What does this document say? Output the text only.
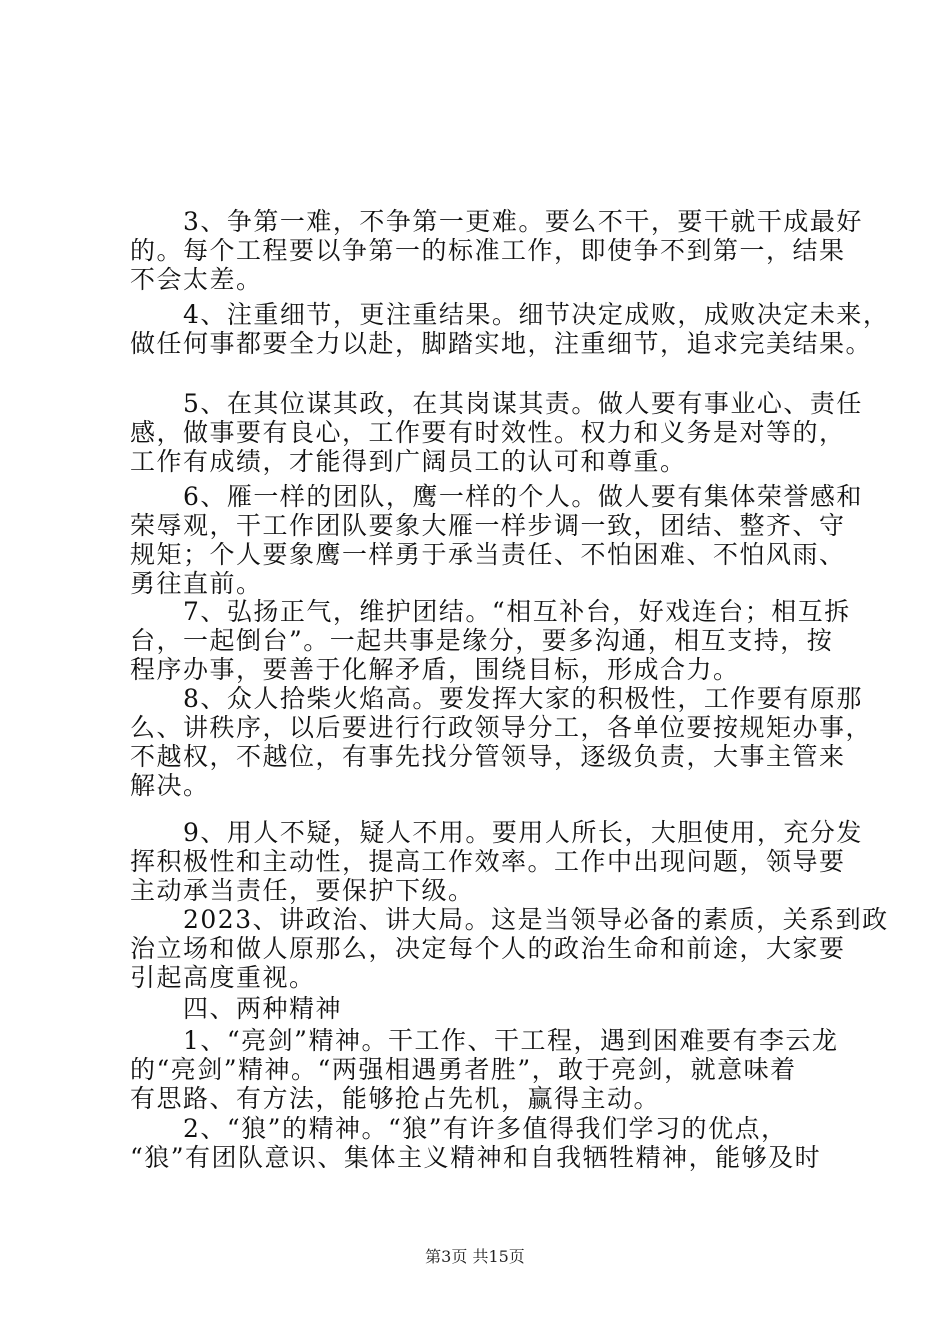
　　3、争第一难，不争第一更难。要么不干，要干就干成最好
的。每个工程要以争第一的标准工作，即使争不到第一，结果
不会太差。
　　4、注重细节，更注重结果。细节决定成败，成败决定未来，
做任何事都要全力以赴，脚踏实地，注重细节，追求完美结果。
　　5、在其位谋其政，在其岗谋其责。做人要有事业心、责任
感，做事要有良心，工作要有时效性。权力和义务是对等的，
工作有成绩，才能得到广阔员工的认可和尊重。
　　6、雁一样的团队，鹰一样的个人。做人要有集体荣誉感和
荣辱观，干工作团队要象大雁一样步调一致，团结、整齐、守
规矩；个人要象鹰一样勇于承当责任、不怕困难、不怕风雨、
勇往直前。
　　7、弘扬正气，维护团结。“相互补台，好戏连台；相互拆
台，一起倒台”。一起共事是缘分，要多沟通，相互支持，按
程序办事，要善于化解矛盾，围绕目标，形成合力。
　　8、众人拾柴火焰高。要发挥大家的积极性，工作要有原那
么、讲秩序，以后要进行行政领导分工，各单位要按规矩办事，
不越权，不越位，有事先找分管领导，逐级负责，大事主管来
解决。
　　9、用人不疑，疑人不用。要用人所长，大胆使用，充分发
挥积极性和主动性，提高工作效率。工作中出现问题，领导要
主动承当责任，要保护下级。
　　2023、讲政治、讲大局。这是当领导必备的素质，关系到政
治立场和做人原那么，决定每个人的政治生命和前途，大家要
引起高度重视。
　　四、两种精神
　　1、“亮剑”精神。干工作、干工程，遇到困难要有李云龙
的“亮剑”精神。“两强相遇勇者胜”，敢于亮剑，就意味着
有思路、有方法，能够抢占先机，赢得主动。
　　2、“狼”的精神。“狼”有许多值得我们学习的优点，
“狼”有团队意识、集体主义精神和自我牺牲精神，能够及时
第3页 共15页
